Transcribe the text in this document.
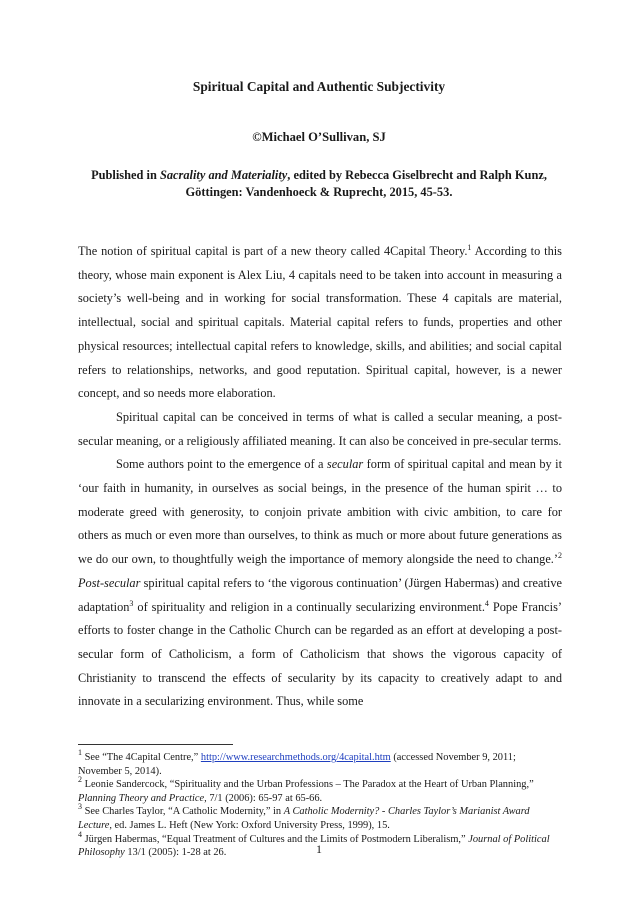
Spiritual Capital and Authentic Subjectivity
©Michael O’Sullivan, SJ
Published in Sacrality and Materiality, edited by Rebecca Giselbrecht and Ralph Kunz,
Göttingen: Vandenhoeck & Ruprecht, 2015, 45-53.

The notion of spiritual capital is part of a new theory called 4Capital Theory.$^1$ According to this theory, whose main exponent is Alex Liu, 4 capitals need to be taken into account in measuring a society’s well-being and in working for social transformation. These 4 capitals are material, intellectual, social and spiritual capitals. Material capital refers to funds, properties and other physical resources; intellectual capital refers to knowledge, skills, and abilities; and social capital refers to relationships, networks, and good reputation. Spiritual capital, however, is a newer concept, and so needs more elaboration.

Spiritual capital can be conceived in terms of what is called a secular meaning, a post-secular meaning, or a religiously affiliated meaning. It can also be conceived in pre-secular terms.

Some authors point to the emergence of a secular form of spiritual capital and mean by it ‘our faith in humanity, in ourselves as social beings, in the presence of the human spirit … to moderate greed with generosity, to conjoin private ambition with civic ambition, to care for others as much or even more than ourselves, to think as much or more about future generations as we do our own, to thoughtfully weigh the importance of memory alongside the need to change.’$^2$ Post-secular spiritual capital refers to ‘the vigorous continuation’ (Jürgen Habermas) and creative adaptation$^3$ of spirituality and religion in a continually secularizing environment.$^4$ Pope Francis’ efforts to foster change in the Catholic Church can be regarded as an effort at developing a post-secular form of Catholicism, a form of Catholicism that shows the vigorous capacity of Christianity to transcend the effects of secularity by its capacity to creatively adapt to and innovate in a secularizing environment. Thus, while some

$^1$ See “The 4Capital Centre,” http://www.researchmethods.org/4capital.htm (accessed November 9, 2011; November 5, 2014).

$^2$ Leonie Sandercock, “Spirituality and the Urban Professions – The Paradox at the Heart of Urban Planning,” Planning Theory and Practice, 7/1 (2006): 65-97 at 65-66.

$^3$ See Charles Taylor, “A Catholic Modernity,” in A Catholic Modernity? - Charles Taylor’s Marianist Award Lecture, ed. James L. Heft (New York: Oxford University Press, 1999), 15.

$^4$ Jürgen Habermas, “Equal Treatment of Cultures and the Limits of Postmodern Liberalism,” Journal of Political Philosophy 13/1 (2005): 1-28 at 26.	1
